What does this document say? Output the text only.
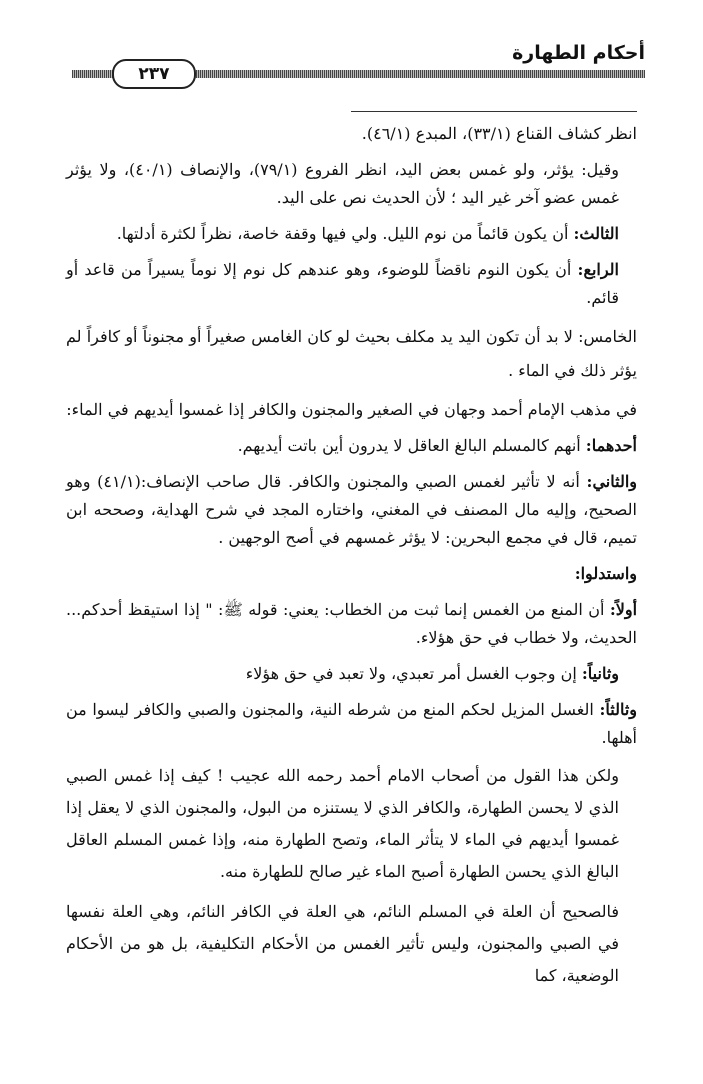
أحكام الطهارة
٢٣٧

انظر كشاف القناع (٣٣/١)، المبدع (٤٦/١).

وقيل: يؤثر، ولو غمس بعض اليد، انظر الفروع (٧٩/١)، والإنصاف (٤٠/١)، ولا يؤثر غمس عضو آخر غير اليد ؛ لأن الحديث نص على اليد.

الثالث: أن يكون قائماً من نوم الليل. ولي فيها وقفة خاصة، نظراً لكثرة أدلتها.

الرابع: أن يكون النوم ناقضاً للوضوء، وهو عندهم كل نوم إلا نوماً يسيراً من قاعد أو قائم.

الخامس: لا بد أن تكون اليد يد مكلف بحيث لو كان الغامس صغيراً أو مجنوناً أو كافراً لم يؤثر ذلك في الماء .

في مذهب الإمام أحمد وجهان في الصغير والمجنون والكافر إذا غمسوا أيديهم في الماء:

أحدهما: أنهم كالمسلم البالغ العاقل لا يدرون أين باتت أيديهم.

والثاني: أنه لا تأثير لغمس الصبي والمجنون والكافر. قال صاحب الإنصاف:(٤١/١) وهو الصحيح، وإليه مال المصنف في المغني، واختاره المجد في شرح الهداية، وصححه ابن تميم، قال في مجمع البحرين: لا يؤثر غمسهم في أصح الوجهين .

واستدلوا:

أولاً: أن المنع من الغمس إنما ثبت من الخطاب: يعني: قوله ﷺ: " إذا استيقظ أحدكم... الحديث، ولا خطاب في حق هؤلاء.

وثانياً: إن وجوب الغسل أمر تعبدي، ولا تعبد في حق هؤلاء

وثالثاً: الغسل المزيل لحكم المنع من شرطه النية، والمجنون والصبي والكافر ليسوا من أهلها.

ولكن هذا القول من أصحاب الامام أحمد رحمه الله عجيب ! كيف إذا غمس الصبي الذي لا يحسن الطهارة، والكافر الذي لا يستنزه من البول، والمجنون الذي لا يعقل إذا غمسوا أيديهم في الماء لا يتأثر الماء، وتصح الطهارة منه، وإذا غمس المسلم العاقل البالغ الذي يحسن الطهارة أصبح الماء غير صالح للطهارة منه.

فالصحيح أن العلة في المسلم النائم، هي العلة في الكافر النائم، وهي العلة نفسها في الصبي والمجنون، وليس تأثير الغمس من الأحكام التكليفية، بل هو من الأحكام الوضعية، كما
